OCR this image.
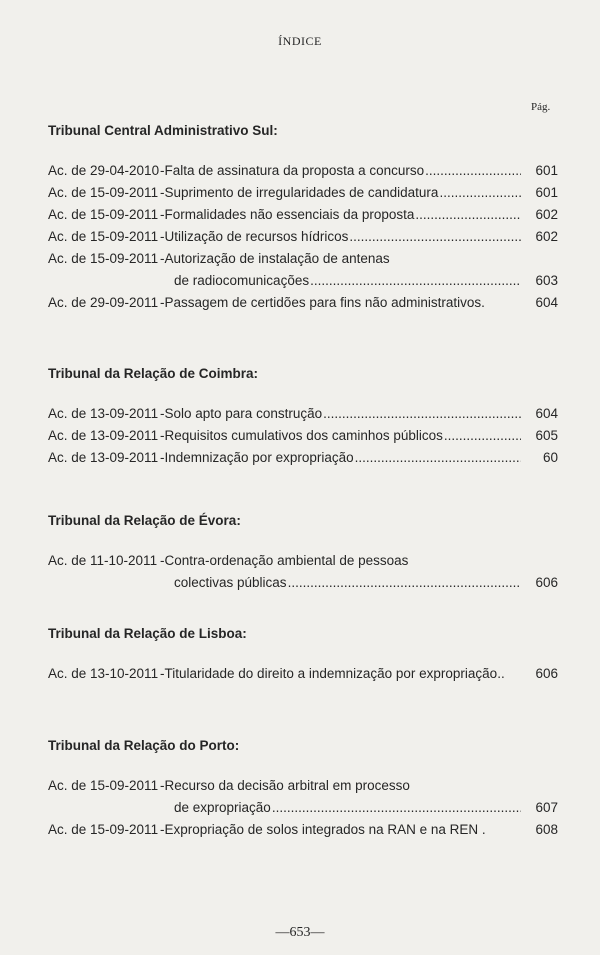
ÍNDICE
Pág.
Tribunal Central Administrativo Sul:
Ac. de 29-04-2010 - Falta de assinatura da proposta a concurso .....	601
Ac. de 15-09-2011 - Suprimento de irregularidades de candidatura .....	601
Ac. de 15-09-2011 - Formalidades não essenciais da proposta .....	602
Ac. de 15-09-2011 - Utilização de recursos hídricos .....	602
Ac. de 15-09-2011 - Autorização de instalação de antenas
de radiocomunicações .....	603
Ac. de 29-09-2011 - Passagem de certidões para fins não administrativos.	604
Tribunal da Relação de Coimbra:
Ac. de 13-09-2011 - Solo apto para construção .....	604
Ac. de 13-09-2011 - Requisitos cumulativos dos caminhos públicos .....	605
Ac. de 13-09-2011 - Indemnização por expropriação .....	60
Tribunal da Relação de Évora:
Ac. de 11-10-2011 - Contra-ordenação ambiental de pessoas
colectivas públicas .....	606
Tribunal da Relação de Lisboa:
Ac. de 13-10-2011 - Titularidade do direito a indemnização por expropriação..	606
Tribunal da Relação do Porto:
Ac. de 15-09-2011 - Recurso da decisão arbitral em processo
de expropriação .....	607
Ac. de 15-09-2011 - Expropriação de solos integrados na RAN e na REN .	608
—653—
